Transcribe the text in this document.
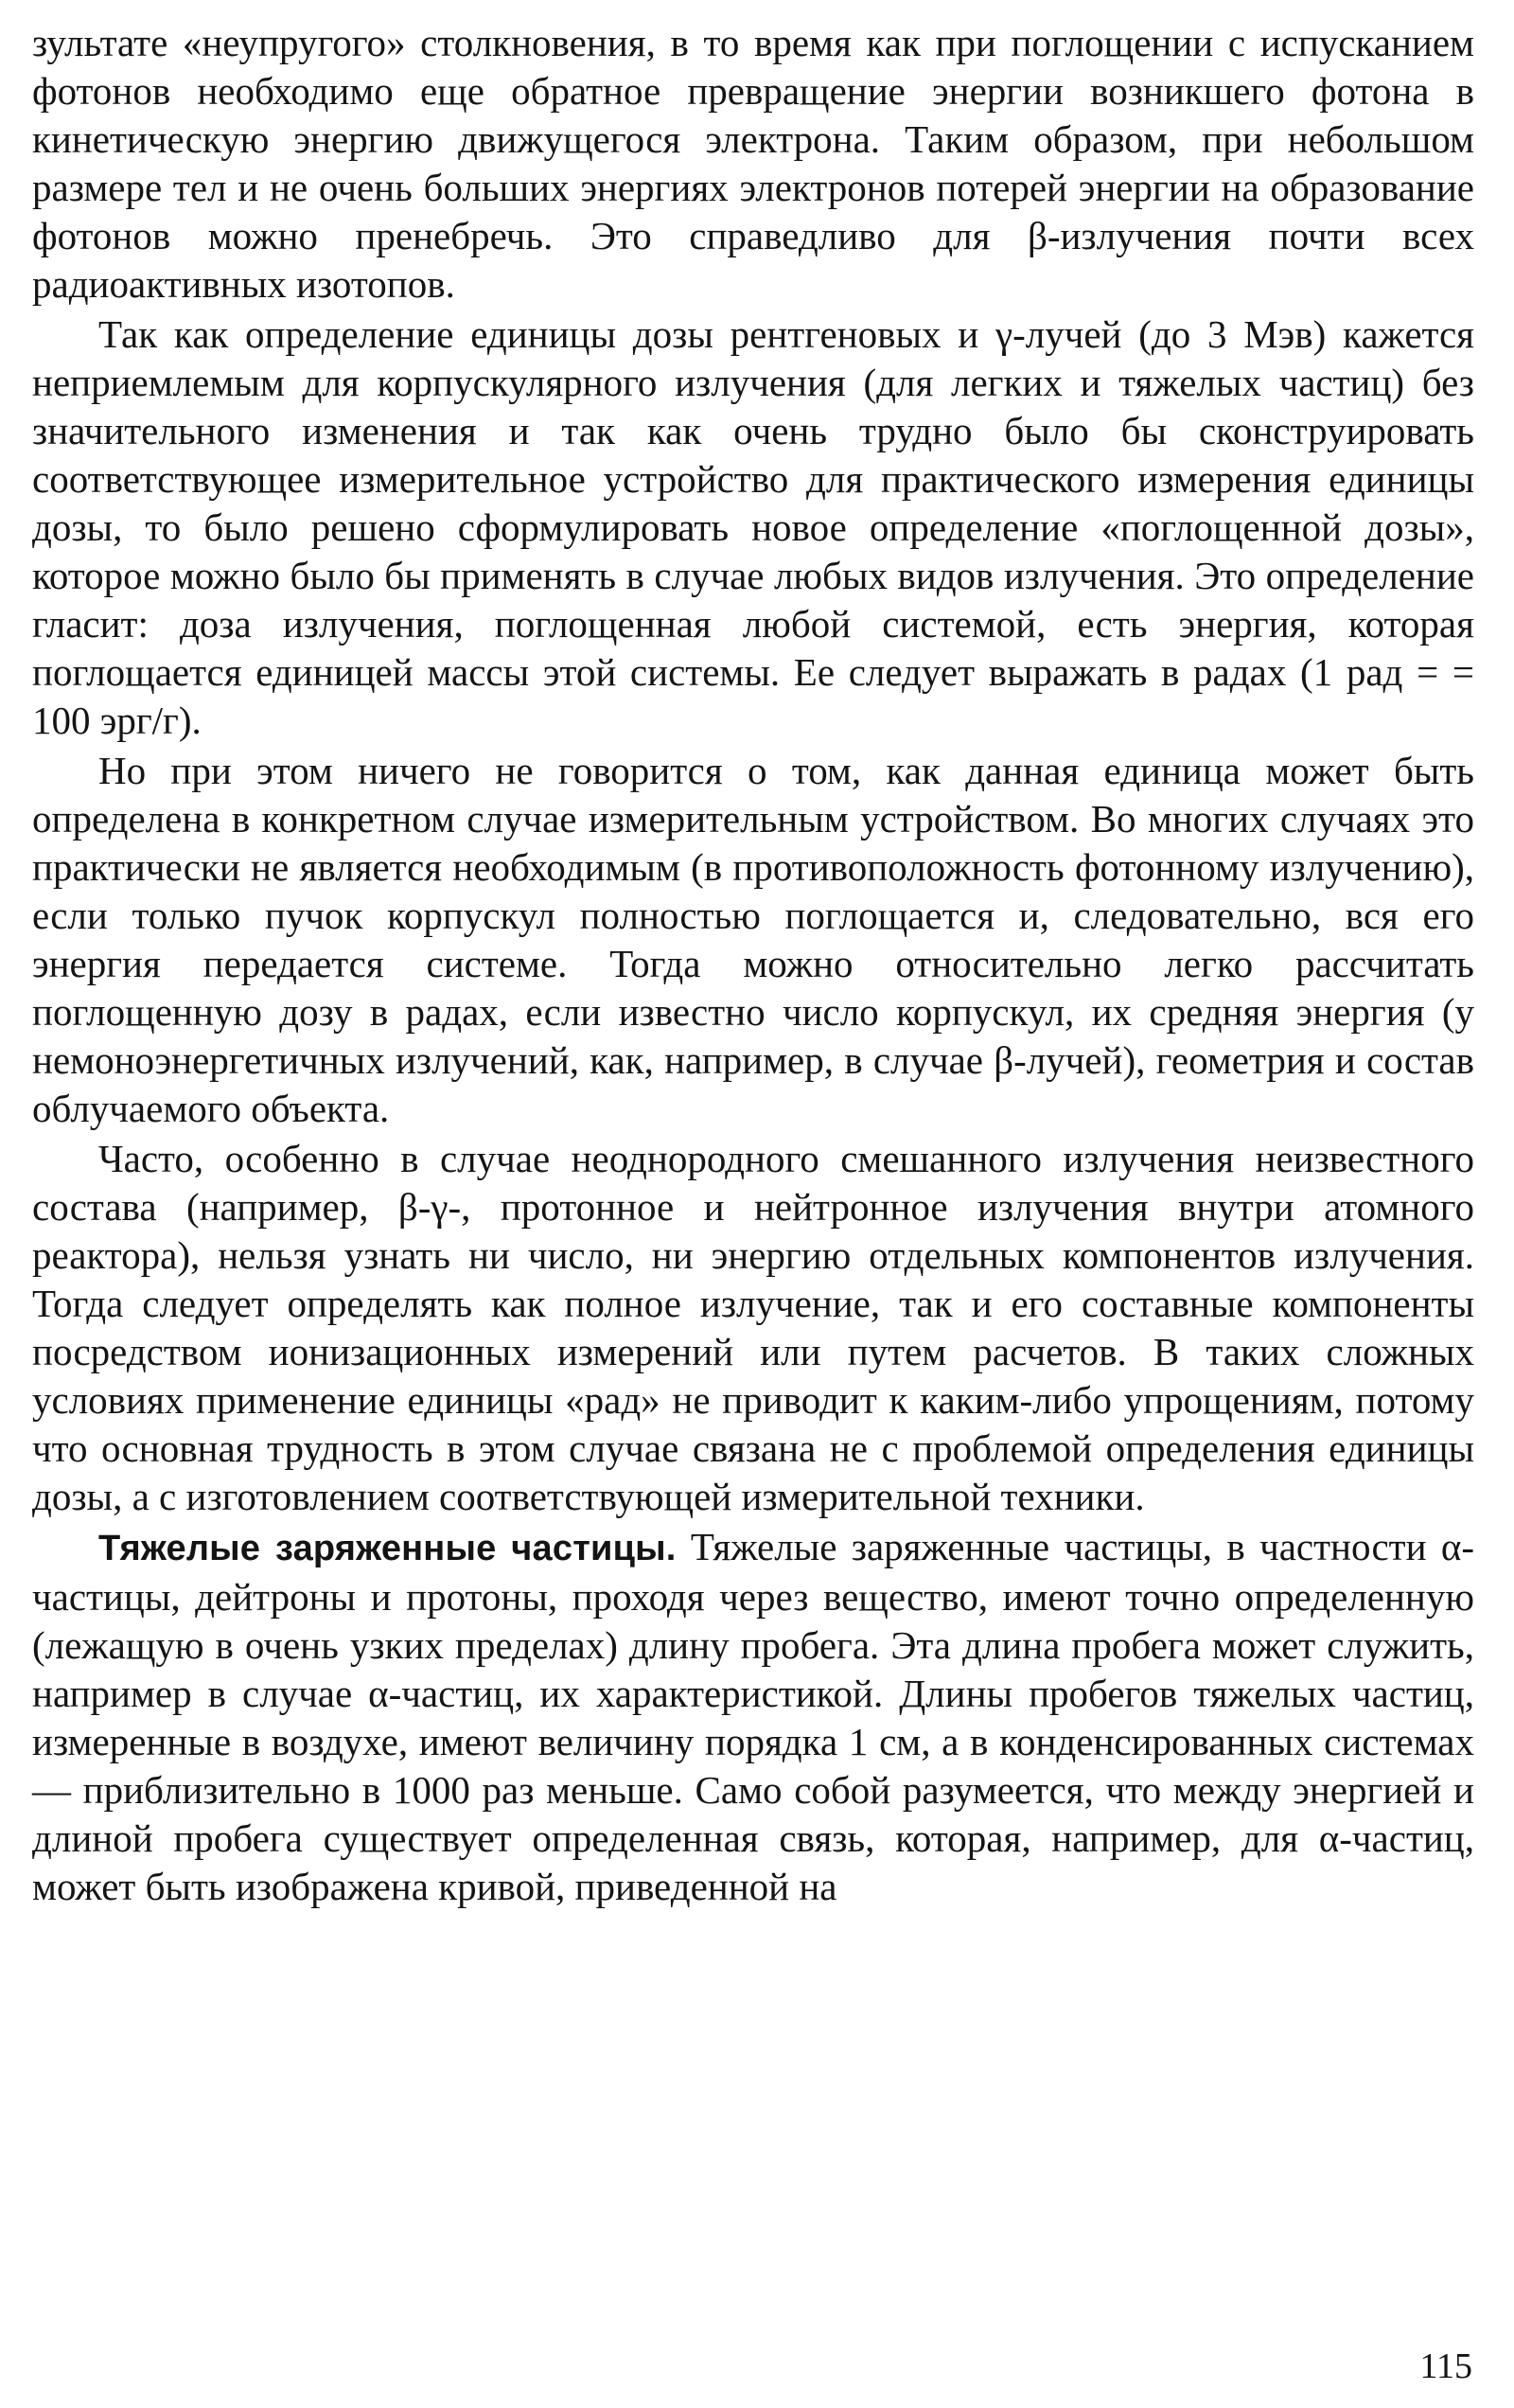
зультате «неупругого» столкновения, в то время как при поглощении с испусканием фотонов необходимо еще обратное превращение энергии возникшего фотона в кинетическую энергию движущегося электрона. Таким образом, при небольшом размере тел и не очень больших энергиях электронов потерей энергии на образование фотонов можно пренебречь. Это справедливо для β-излучения почти всех радиоактивных изотопов.

Так как определение единицы дозы рентгеновых и γ-лучей (до 3 Мэв) кажется неприемлемым для корпускулярного излучения (для легких и тяжелых частиц) без значительного изменения и так как очень трудно было бы сконструировать соответствующее измерительное устройство для практического измерения единицы дозы, то было решено сформулировать новое определение «поглощенной дозы», которое можно было бы применять в случае любых видов излучения. Это определение гласит: доза излучения, поглощенная любой системой, есть энергия, которая поглощается единицей массы этой системы. Ее следует выражать в радах (1 рад = = 100 эрг/г).

Но при этом ничего не говорится о том, как данная единица может быть определена в конкретном случае измерительным устройством. Во многих случаях это практически не является необходимым (в противоположность фотонному излучению), если только пучок корпускул полностью поглощается и, следовательно, вся его энергия передается системе. Тогда можно относительно легко рассчитать поглощенную дозу в радах, если известно число корпускул, их средняя энергия (у немоноэнергетичных излучений, как, например, в случае β-лучей), геометрия и состав облучаемого объекта.

Часто, особенно в случае неоднородного смешанного излучения неизвестного состава (например, β-γ-, протонное и нейтронное излучения внутри атомного реактора), нельзя узнать ни число, ни энергию отдельных компонентов излучения. Тогда следует определять как полное излучение, так и его составные компоненты посредством ионизационных измерений или путем расчетов. В таких сложных условиях применение единицы «рад» не приводит к каким-либо упрощениям, потому что основная трудность в этом случае связана не с проблемой определения единицы дозы, а с изготовлением соответствующей измерительной техники.

Тяжелые заряженные частицы. Тяжелые заряженные частицы, в частности α-частицы, дейтроны и протоны, проходя через вещество, имеют точно определенную (лежащую в очень узких пределах) длину пробега. Эта длина пробега может служить, например в случае α-частиц, их характеристикой. Длины пробегов тяжелых частиц, измеренные в воздухе, имеют величину порядка 1 см, а в конденсированных системах — приблизительно в 1000 раз меньше. Само собой разумеется, что между энергией и длиной пробега существует определенная связь, которая, например, для α-частиц, может быть изображена кривой, приведенной на

115
